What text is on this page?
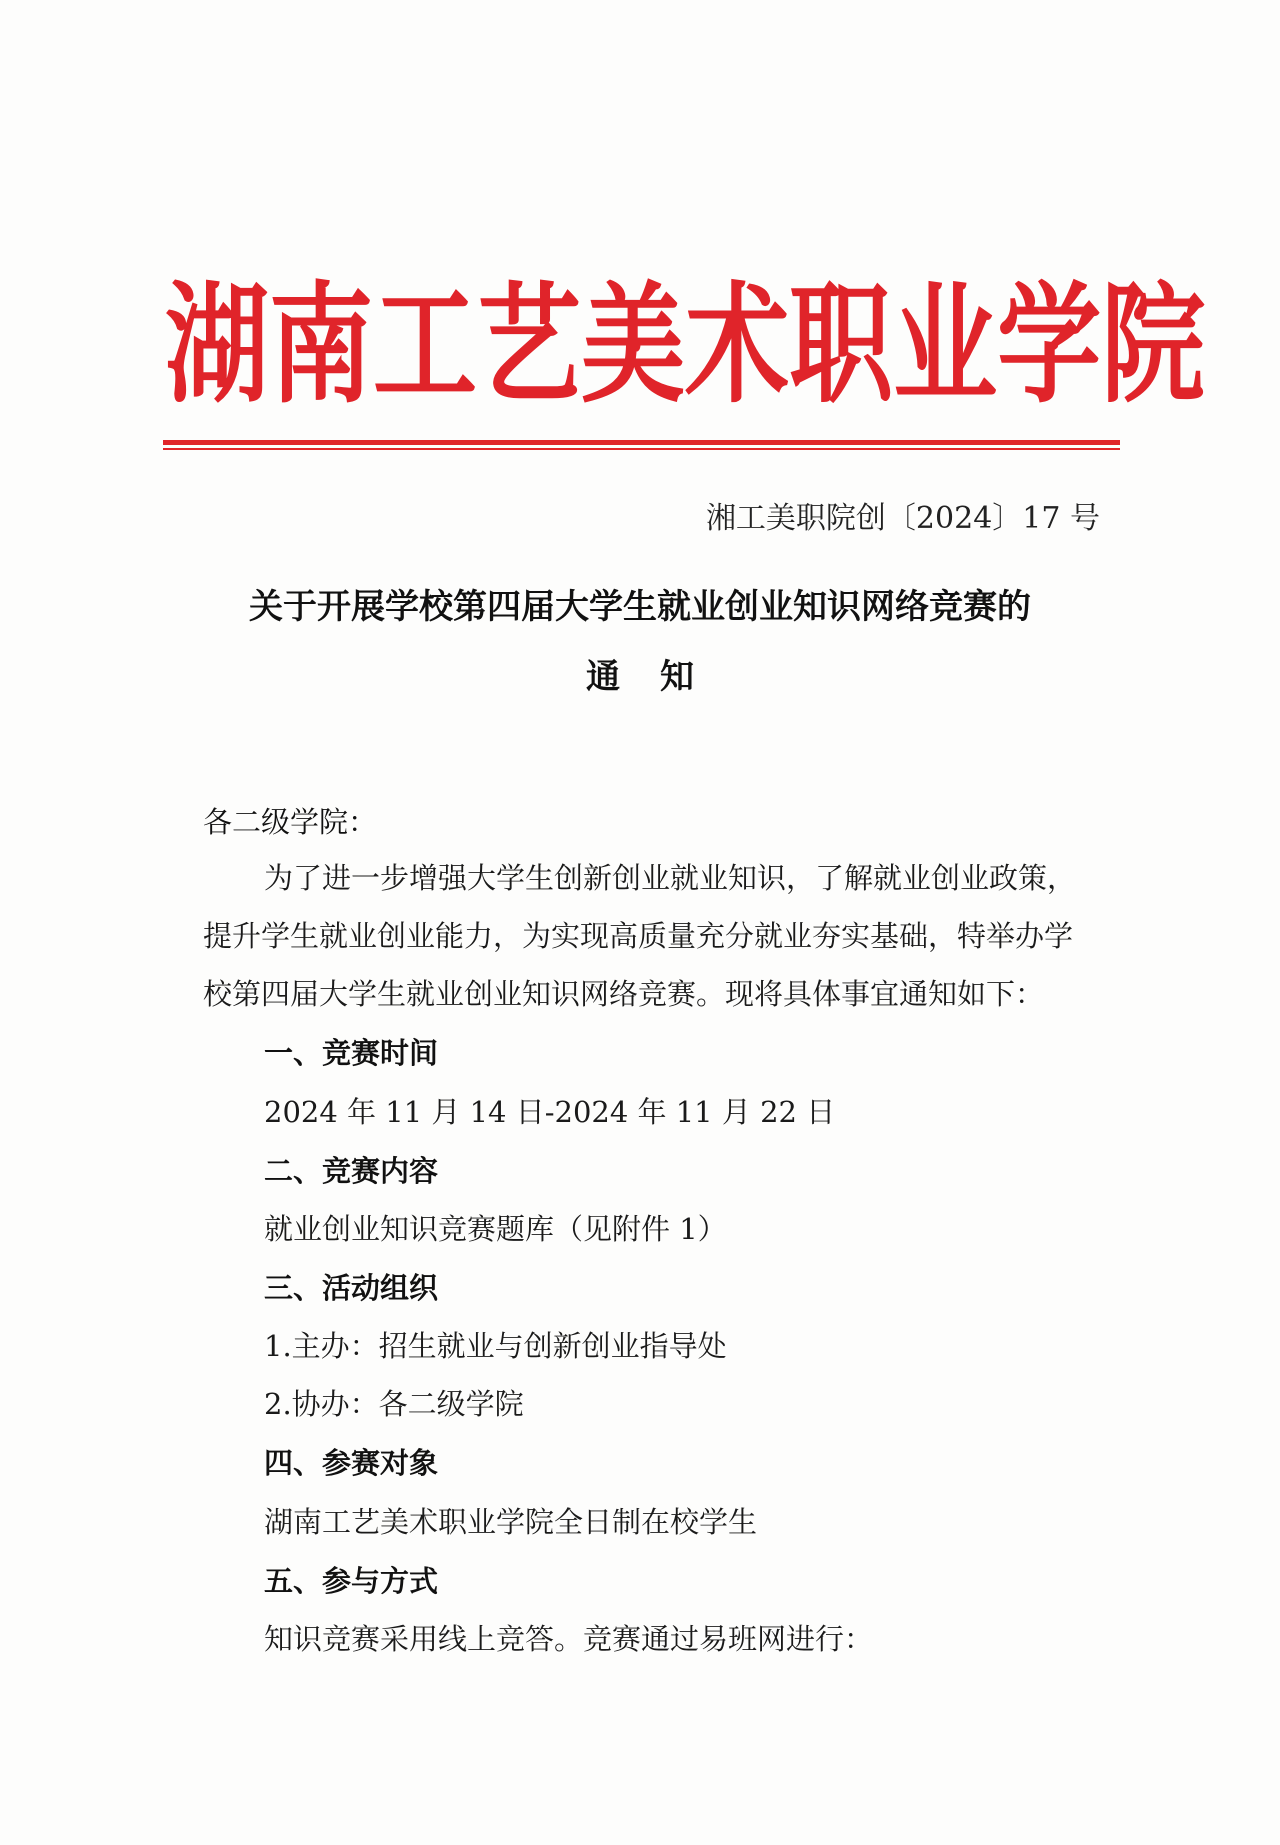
湖 南 工 艺 美 术 职 业 学 院
湘工美职院创〔2024〕17 号
关于开展学校第四届大学生就业创业知识网络竞赛的
通知
各二级学院：
为了进一步增强大学生创新创业就业知识，了解就业创业政策，
提升学生就业创业能力，为实现高质量充分就业夯实基础，特举办学
校第四届大学生就业创业知识网络竞赛。现将具体事宜通知如下：
一、竞赛时间
2024 年 11 月 14 日-2024 年 11 月 22 日
二、竞赛内容
就业创业知识竞赛题库（见附件 1）
三、活动组织
1.主办：招生就业与创新创业指导处
2.协办：各二级学院
四、参赛对象
湖南工艺美术职业学院全日制在校学生
五、参与方式
知识竞赛采用线上竞答。竞赛通过易班网进行：
